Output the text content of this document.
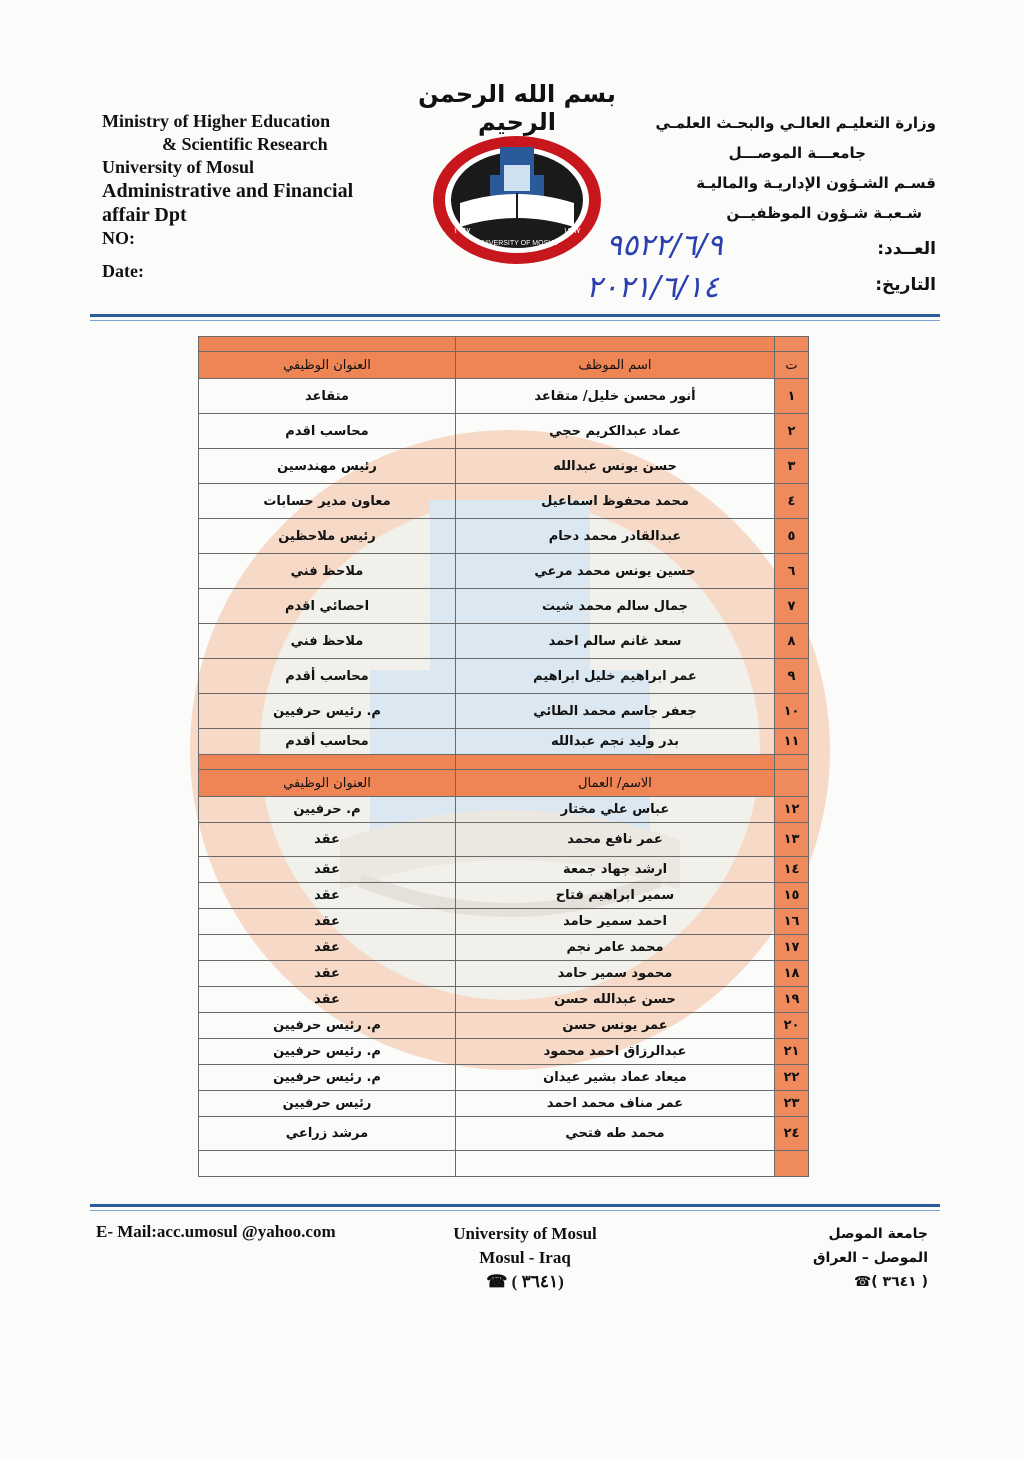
بسم الله الرحمن الرحيم
Ministry of Higher Education
& Scientific Research
University of Mosul
Administrative and Financial
affair Dpt
NO:
Date:
UNIVERSITY OF MOSUL
١٩٦٧	١٩٦٧
وزارة التعليـم العالـي والبحـث العلمـي
جامعـــة الموصـــل
قسـم الشـؤون الإداريـة والماليـة
شـعبـة شـؤون الموظفيــن
العــدد:
التاريخ:
٩٥٢٢/٦/٩
٢٠٢١/٦/١٤

ت	اسم الموظف	العنوان الوظيفي
١	أنور محسن خليل/ متقاعد	متقاعد
٢	عماد عبدالكريم حجي	محاسب اقدم
٣	حسن يونس عبدالله	رئيس مهندسين
٤	محمد محفوظ اسماعيل	معاون مدير حسابات
٥	عبدالقادر محمد دحام	رئيس ملاحظين
٦	حسين يونس محمد مرعي	ملاحظ فني
٧	جمال سالم محمد شيت	احصائي اقدم
٨	سعد غانم سالم احمد	ملاحظ فني
٩	عمر ابراهيم خليل ابراهيم	محاسب أقدم
١٠	جعفر جاسم محمد الطائي	م. رئيس حرفيين
١١	بدر وليد نجم عبدالله	محاسب أقدم

	الاسم/ العمال	العنوان الوظيفي
١٢	عباس علي مختار	م. حرفيين
١٣	عمر نافع محمد	عقد
١٤	ارشد جهاد جمعة	عقد
١٥	سمير ابراهيم فتاح	عقد
١٦	احمد سمير حامد	عقد
١٧	محمد عامر نجم	عقد
١٨	محمود سمير حامد	عقد
١٩	حسن عبدالله حسن	عقد
٢٠	عمر يونس حسن	م. رئيس حرفيين
٢١	عبدالرزاق احمد محمود	م. رئيس حرفيين
٢٢	ميعاد عماد بشير عيدان	م. رئيس حرفيين
٢٣	عمر مناف محمد احمد	رئيس حرفيين
٢٤	محمد طه فتحي	مرشد زراعي

E- Mail:acc.umosul @yahoo.com	University of Mosul
Mosul - Iraq
☎ ( ٣٦٤١)
جامعة الموصل
الموصل – العراق
☎( ٣٦٤١ )
